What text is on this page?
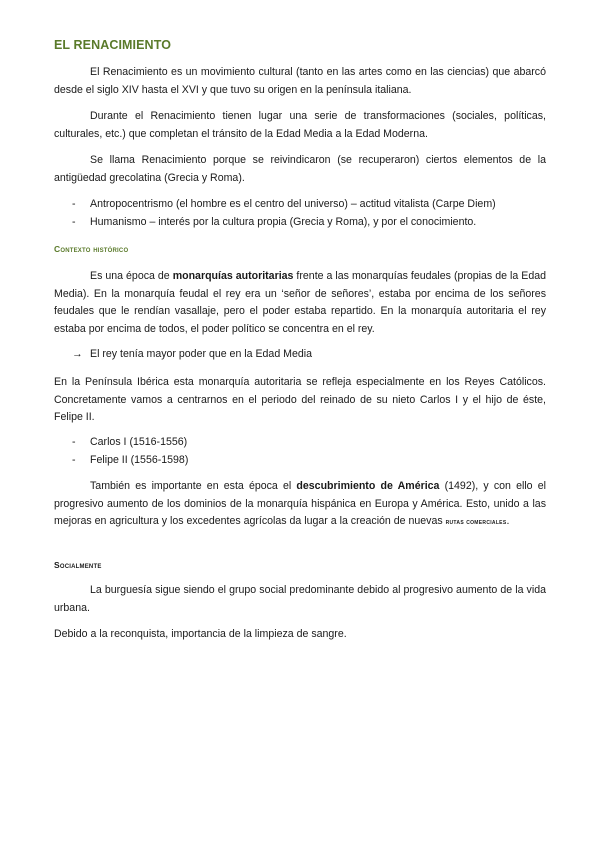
EL RENACIMIENTO

El Renacimiento es un movimiento cultural (tanto en las artes como en las ciencias) que abarcó desde el siglo XIV hasta el XVI y que tuvo su origen en la península italiana.

Durante el Renacimiento tienen lugar una serie de transformaciones (sociales, políticas, culturales, etc.) que completan el tránsito de la Edad Media a la Edad Moderna.

Se llama Renacimiento porque se reivindicaron (se recuperaron) ciertos elementos de la antigüedad grecolatina (Grecia y Roma).

- Antropocentrismo (el hombre es el centro del universo) – actitud vitalista (Carpe Diem)
- Humanismo – interés por la cultura propia (Grecia y Roma), y por el conocimiento.
Contexto histórico

Es una época de monarquías autoritarias frente a las monarquías feudales (propias de la Edad Media). En la monarquía feudal el rey era un ‘señor de señores’, estaba por encima de los señores feudales que le rendían vasallaje, pero el poder estaba repartido. En la monarquía autoritaria el rey estaba por encima de todos, el poder político se concentra en el rey.

→ El rey tenía mayor poder que en la Edad Media

En la Península Ibérica esta monarquía autoritaria se refleja especialmente en los Reyes Católicos. Concretamente vamos a centrarnos en el periodo del reinado de su nieto Carlos I y el hijo de éste, Felipe II.

- Carlos I (1516-1556)
- Felipe II (1556-1598)

También es importante en esta época el descubrimiento de América (1492), y con ello el progresivo aumento de los dominios de la monarquía hispánica en Europa y América. Esto, unido a las mejoras en agricultura y los excedentes agrícolas da lugar a la creación de nuevas rutas comerciales.

Socialmente

La burguesía sigue siendo el grupo social predominante debido al progresivo aumento de la vida urbana.

Debido a la reconquista, importancia de la limpieza de sangre.
